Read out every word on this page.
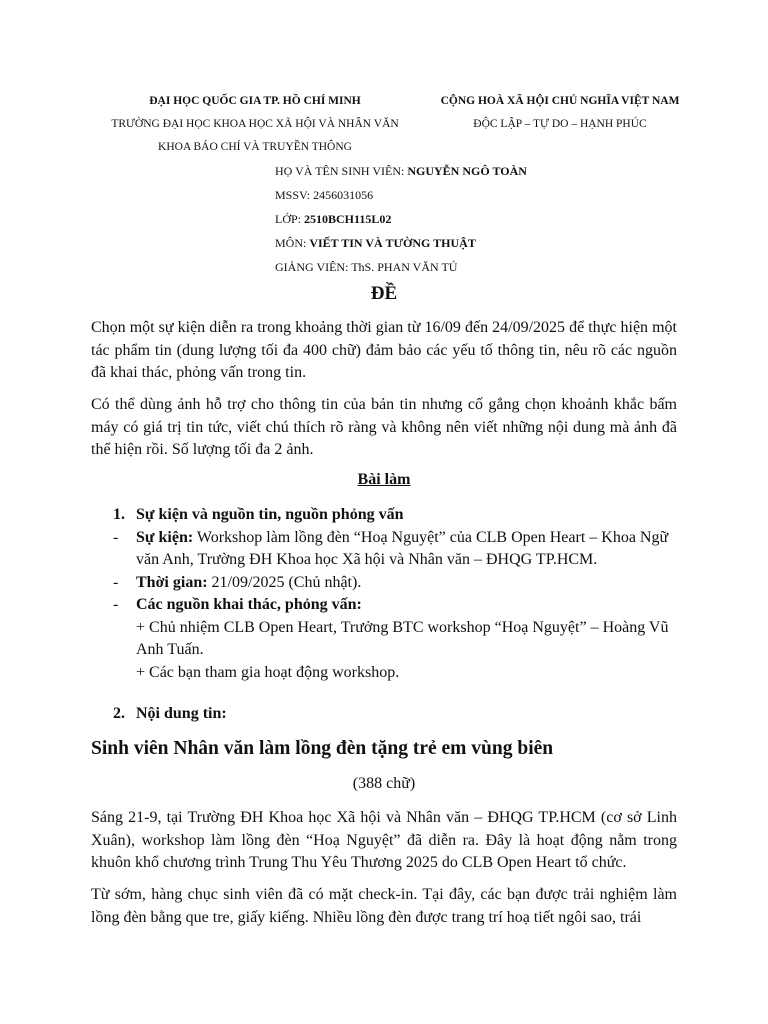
ĐẠI HỌC QUỐC GIA TP. HỒ CHÍ MINH
TRƯỜNG ĐẠI HỌC KHOA HỌC XÃ HỘI VÀ NHÂN VĂN
KHOA BÁO CHÍ VÀ TRUYỀN THÔNG
CỘNG HOÀ XÃ HỘI CHỦ NGHĨA VIỆT NAM
ĐỘC LẬP – TỰ DO – HẠNH PHÚC
HỌ VÀ TÊN SINH VIÊN: NGUYỄN NGÔ TOÀN
MSSV: 2456031056
LỚP: 2510BCH115L02
MÔN: VIẾT TIN VÀ TƯỜNG THUẬT
GIẢNG VIÊN: ThS. PHAN VĂN TÚ
ĐỀ
Chọn một sự kiện diễn ra trong khoảng thời gian từ 16/09 đến 24/09/2025 để thực hiện một tác phẩm tin (dung lượng tối đa 400 chữ) đảm bảo các yếu tố thông tin, nêu rõ các nguồn đã khai thác, phỏng vấn trong tin.
Có thể dùng ảnh hỗ trợ cho thông tin của bản tin nhưng cố gắng chọn khoảnh khắc bấm máy có giá trị tin tức, viết chú thích rõ ràng và không nên viết những nội dung mà ảnh đã thể hiện rồi. Số lượng tối đa 2 ảnh.
Bài làm
1. Sự kiện và nguồn tin, nguồn phỏng vấn
- Sự kiện: Workshop làm lồng đèn “Hoạ Nguyệt” của CLB Open Heart – Khoa Ngữ văn Anh, Trường ĐH Khoa học Xã hội và Nhân văn – ĐHQG TP.HCM.
- Thời gian: 21/09/2025 (Chủ nhật).
- Các nguồn khai thác, phỏng vấn:
+ Chủ nhiệm CLB Open Heart, Trưởng BTC workshop “Hoạ Nguyệt” – Hoàng Vũ Anh Tuấn.
+ Các bạn tham gia hoạt động workshop.
2. Nội dung tin:
Sinh viên Nhân văn làm lồng đèn tặng trẻ em vùng biên
(388 chữ)
Sáng 21-9, tại Trường ĐH Khoa học Xã hội và Nhân văn – ĐHQG TP.HCM (cơ sở Linh Xuân), workshop làm lồng đèn “Hoạ Nguyệt” đã diễn ra. Đây là hoạt động nằm trong khuôn khổ chương trình Trung Thu Yêu Thương 2025 do CLB Open Heart tổ chức.
Từ sớm, hàng chục sinh viên đã có mặt check-in. Tại đây, các bạn được trải nghiệm làm lồng đèn bằng que tre, giấy kiếng. Nhiều lồng đèn được trang trí hoạ tiết ngôi sao, trái
